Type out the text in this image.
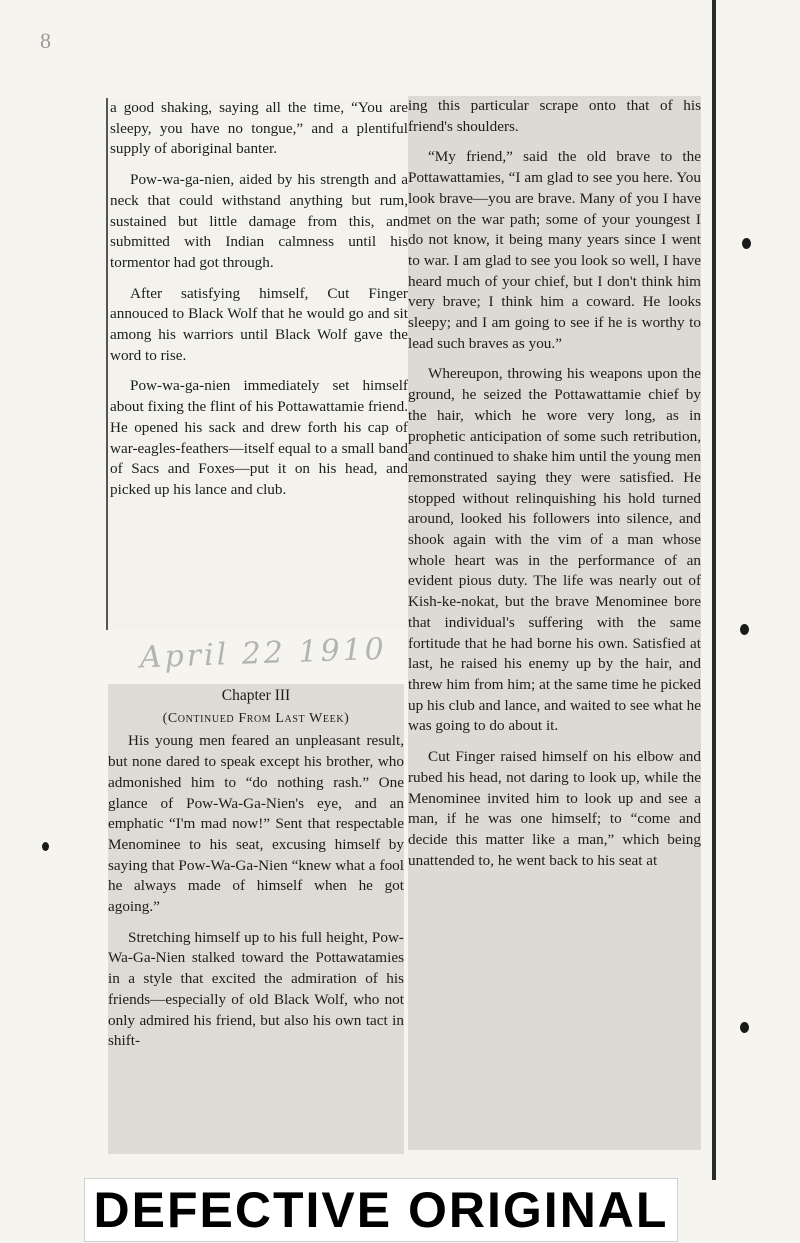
8

a good shaking, saying all the time, “You are sleepy, you have no tongue,” and a plentiful supply of aboriginal banter.

Pow-wa-ga-nien, aided by his strength and a neck that could withstand anything but rum, sustained but little damage from this, and submitted with Indian calmness until his tormentor had got through.

After satisfying himself, Cut Finger annouced to Black Wolf that he would go and sit among his warriors until Black Wolf gave the word to rise.

Pow-wa-ga-nien immediately set himself about fixing the flint of his Pottawattamie friend. He opened his sack and drew forth his cap of war-eagles-feathers—itself equal to a small band of Sacs and Foxes—put it on his head, and picked up his lance and club.

April 22 1910
Chapter III
(Continued From Last Week)

His young men feared an unpleasant result, but none dared to speak except his brother, who admonished him to “do nothing rash.” One glance of Pow-Wa-Ga-Nien's eye, and an emphatic “I'm mad now!” Sent that respectable Menominee to his seat, excusing himself by saying that Pow-Wa-Ga-Nien “knew what a fool he always made of himself when he got agoing.”

Stretching himself up to his full height, Pow-Wa-Ga-Nien stalked toward the Pottawatamies in a style that excited the admiration of his friends—especially of old Black Wolf, who not only admired his friend, but also his own tact in shift-

ing this particular scrape onto that of his friend's shoulders.

“My friend,” said the old brave to the Pottawattamies, “I am glad to see you here. You look brave—you are brave. Many of you I have met on the war path; some of your youngest I do not know, it being many years since I went to war. I am glad to see you look so well, I have heard much of your chief, but I don't think him very brave; I think him a coward. He looks sleepy; and I am going to see if he is worthy to lead such braves as you.”

Whereupon, throwing his weapons upon the ground, he seized the Pottawattamie chief by the hair, which he wore very long, as in prophetic anticipation of some such retribution, and continued to shake him until the young men remonstrated saying they were satisfied. He stopped without relinquishing his hold turned around, looked his followers into silence, and shook again with the vim of a man whose whole heart was in the performance of an evident pious duty. The life was nearly out of Kish-ke-nokat, but the brave Menominee bore that individual's suffering with the same fortitude that he had borne his own. Satisfied at last, he raised his enemy up by the hair, and threw him from him; at the same time he picked up his club and lance, and waited to see what he was going to do about it.

Cut Finger raised himself on his elbow and rubed his head, not daring to look up, while the Menominee invited him to look up and see a man, if he was one himself; to “come and decide this matter like a man,” which being unattended to, he went back to his seat at

DEFECTIVE ORIGINAL
